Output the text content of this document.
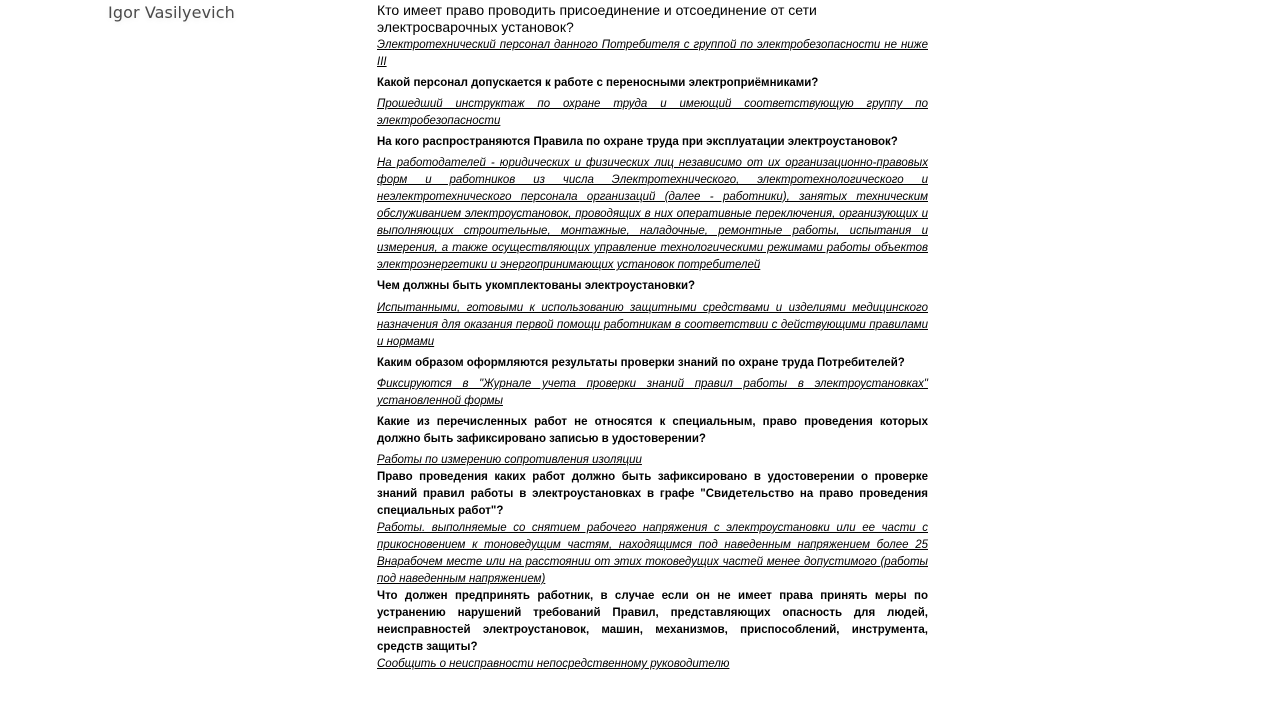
Igor Vasilyevich	Кто имеет право проводить присоединение и отсоединение от сети электросварочных установок?

Электротехнический персонал данного Потребителя с группой по электробезопасности не ниже III

Какой персонал допускается к работе с переносными электроприёмниками?

Прошедший инструктаж по охране труда и имеющий соответствующую группу по электробезопасности

На кого распространяются Правила по охране труда при эксплуатации электроустановок?

На работодателей - юридических и физических лиц независимо от их организационно-правовых форм и работников из числа Электротехнического, электротехнологического и неэлектротехнического персонала организаций (далее - работники), занятых техническим обслуживанием электроустановок, проводящих в них оперативные переключения, организующих и выполняющих строительные, монтажные, наладочные, ремонтные работы, испытания и измерения, а также осуществляющих управление технологическими режимами работы объектов электроэнергетики и энергопринимающих установок потребителей

Чем должны быть укомплектованы электроустановки?

Испытанными, готовыми к использованию защитными средствами и изделиями медицинского назначения для оказания первой помощи работникам в соответствии с действующими правилами и нормами

Каким образом оформляются результаты проверки знаний по охране труда Потребителей?

Фиксируются в "Журнале учета проверки знаний правил работы в электроустановках" установленной формы

Какие из перечисленных работ не относятся к специальным, право проведения которых должно быть зафиксировано записью в удостоверении?

Работы по измерению сопротивления изоляции

Право проведения каких работ должно быть зафиксировано в удостоверении о проверке знаний правил работы в электроустановках в графе "Свидетельство на право проведения специальных работ"?

Работы. выполняемые со снятием рабочего напряжения с электроустановки или ее части с прикосновением к тоноведущим частям, находящимся под наведенным напряжением более 25 Внарабочем месте или на расстоянии от этих токоведущих частей менее допустимого (работы под наведенным напряжением)

Что должен предпринять работник, в случае если он не имеет права принять меры по устранению нарушений требований Правил, представляющих опасность для людей, неисправностей электроустановок, машин, механизмов, приспособлений, инструмента, средств защиты?

Сообщить о неисправности непосредственному руководителю
